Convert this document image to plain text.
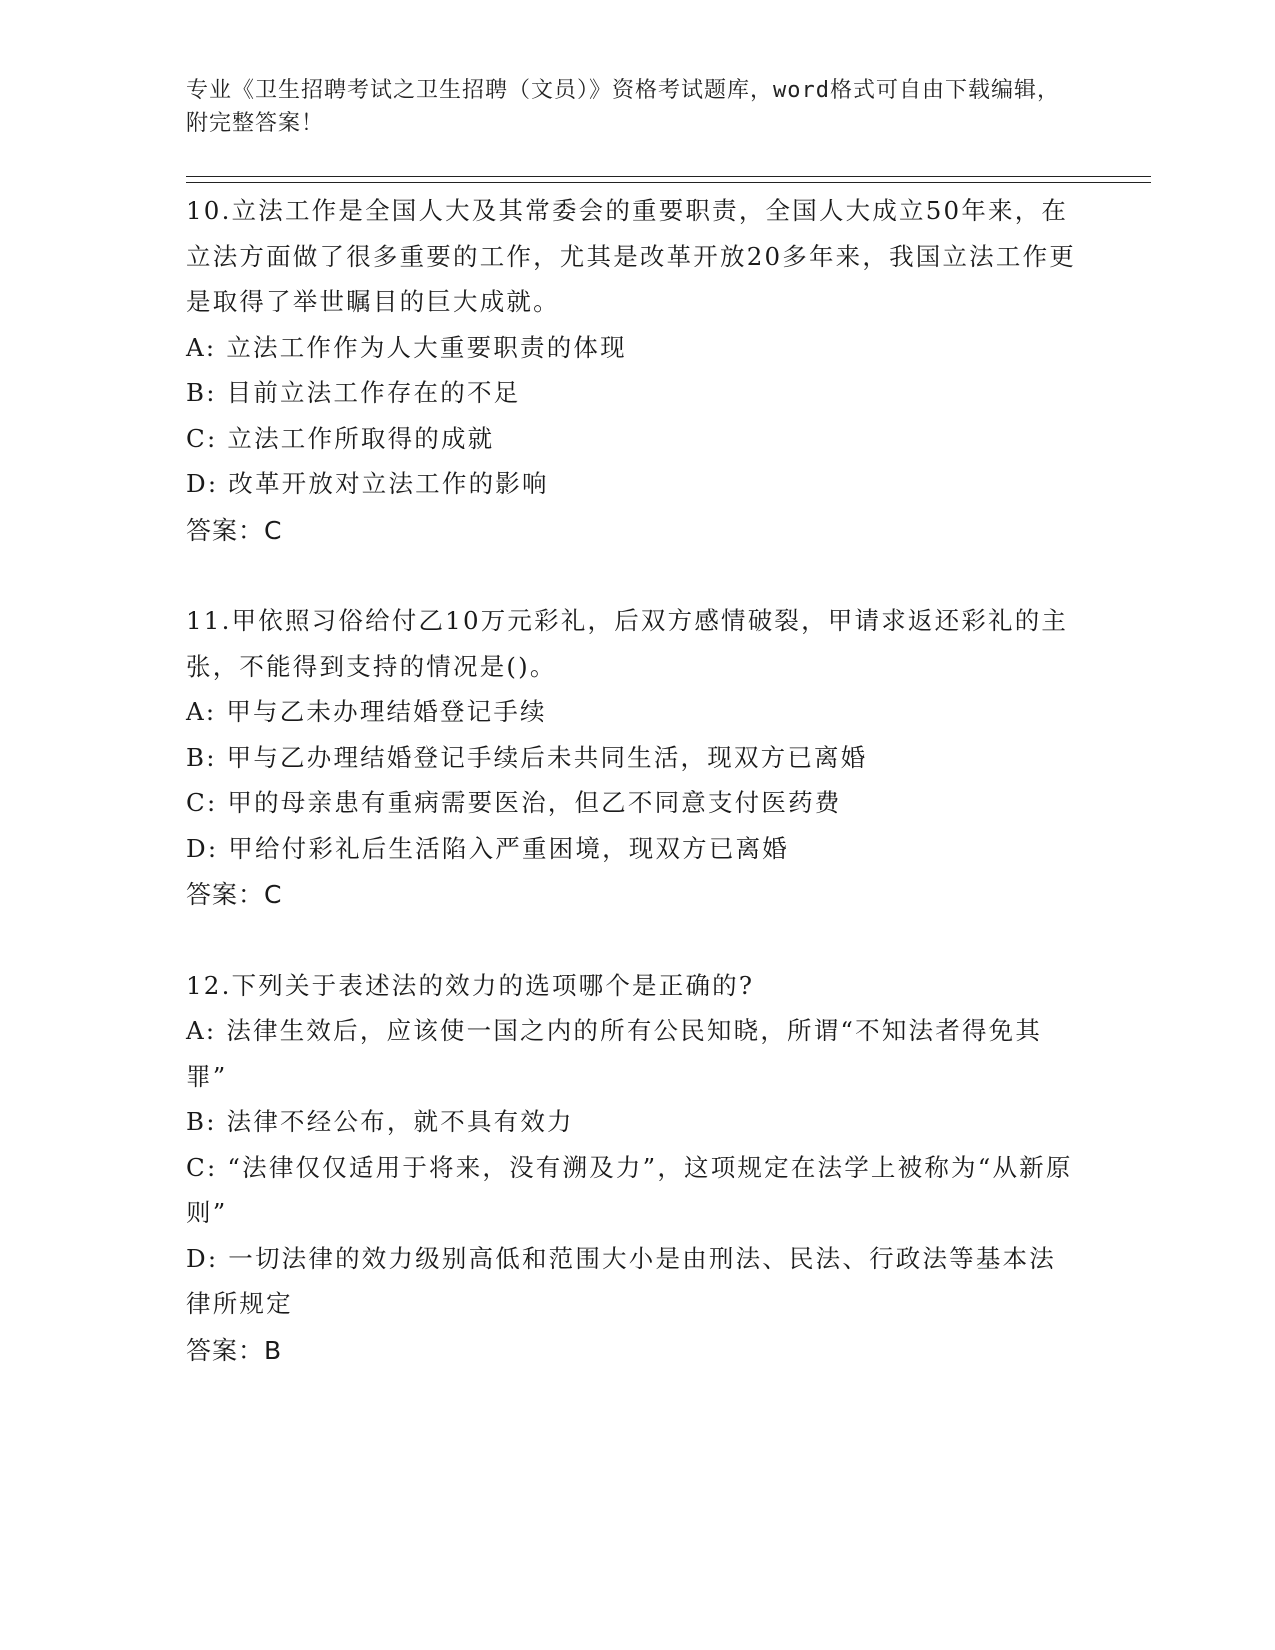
专业《卫生招聘考试之卫生招聘（文员）》资格考试题库，word格式可自由下载编辑，附完整答案！

10.立法工作是全国人大及其常委会的重要职责，全国人大成立50年来，在立法方面做了很多重要的工作，尤其是改革开放20多年来，我国立法工作更是取得了举世瞩目的巨大成就。

A: 立法工作作为人大重要职责的体现

B: 目前立法工作存在的不足

C: 立法工作所取得的成就

D: 改革开放对立法工作的影响

答案：C

11.甲依照习俗给付乙10万元彩礼，后双方感情破裂，甲请求返还彩礼的主张，不能得到支持的情况是()。

A: 甲与乙未办理结婚登记手续

B: 甲与乙办理结婚登记手续后未共同生活，现双方已离婚

C: 甲的母亲患有重病需要医治，但乙不同意支付医药费

D: 甲给付彩礼后生活陷入严重困境，现双方已离婚

答案：C

12.下列关于表述法的效力的选项哪个是正确的?

A: 法律生效后，应该使一国之内的所有公民知晓，所谓“不知法者得免其罪”

B: 法律不经公布，就不具有效力

C: “法律仅仅适用于将来，没有溯及力”，这项规定在法学上被称为“从新原则”

D: 一切法律的效力级别高低和范围大小是由刑法、民法、行政法等基本法律所规定

答案：B
